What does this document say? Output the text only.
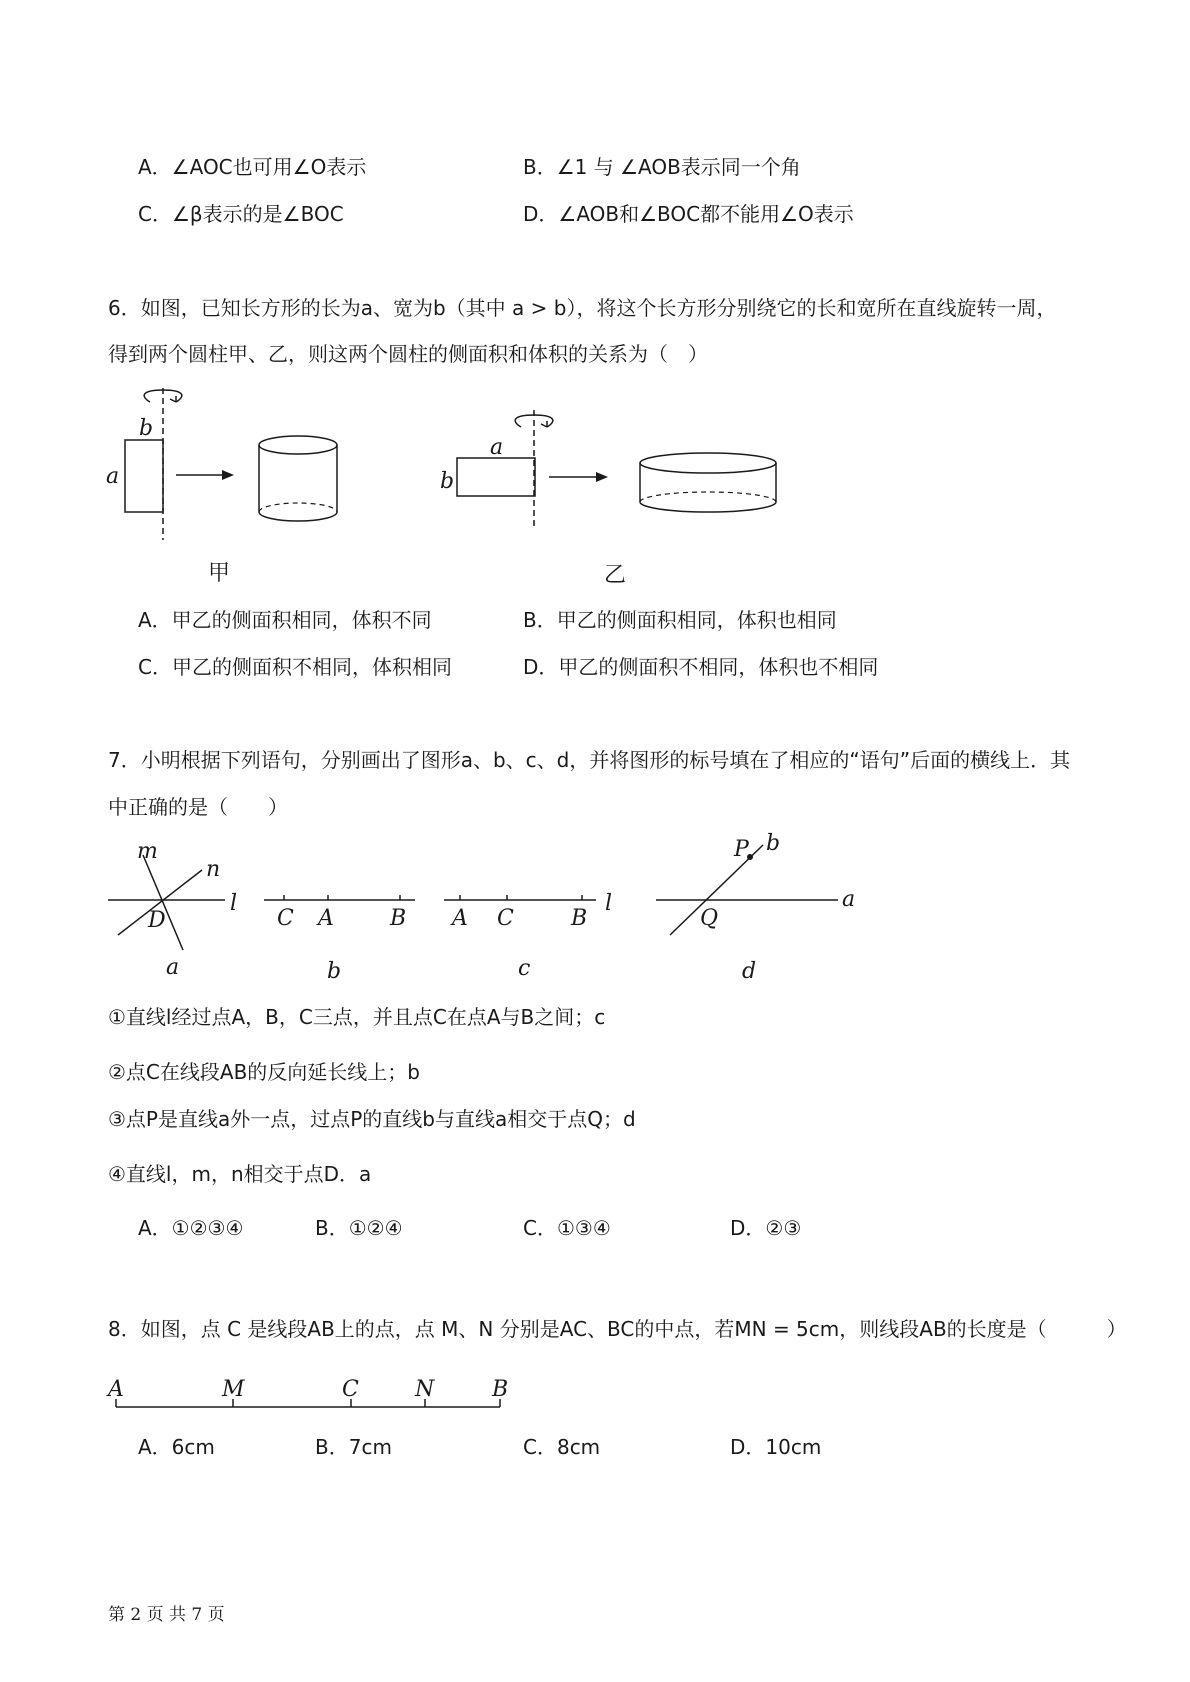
A．∠AOC也可用∠O表示	B．∠1 与 ∠AOB表示同一个角
C．∠β表示的是∠BOC	D．∠AOB和∠BOC都不能用∠O表示
6．如图，已知长方形的长为a、宽为b（其中 a > b），将这个长方形分别绕它的长和宽所在直线旋转一周，
得到两个圆柱甲、乙，则这两个圆柱的侧面积和体积的关系为（　）
b
a
甲
a
b
乙
A．甲乙的侧面积相同，体积不同	B．甲乙的侧面积相同，体积也相同
C．甲乙的侧面积不相同，体积相同	D．甲乙的侧面积不相同，体积也不相同
7．小明根据下列语句，分别画出了图形a、b、c、d，并将图形的标号填在了相应的“语句”后面的横线上．其
中正确的是（　　）
m
n
l
D
a
C A	B
b
A C	B
l
c
P b
a
Q
d
①直线l经过点A，B，C三点，并且点C在点A与B之间；c
②点C在线段AB的反向延长线上；b
③点P是直线a外一点，过点P的直线b与直线a相交于点Q；d
④直线l，m，n相交于点D．a
A．①②③④	B．①②④	C．①③④	D．②③
8．如图，点 C 是线段AB上的点，点 M、N 分别是AC、BC的中点，若MN = 5cm，则线段AB的长度是（　　　）
A	M	C	N	B
A．6cm	B．7cm	C．8cm	D．10cm
第 2 页 共 7 页
